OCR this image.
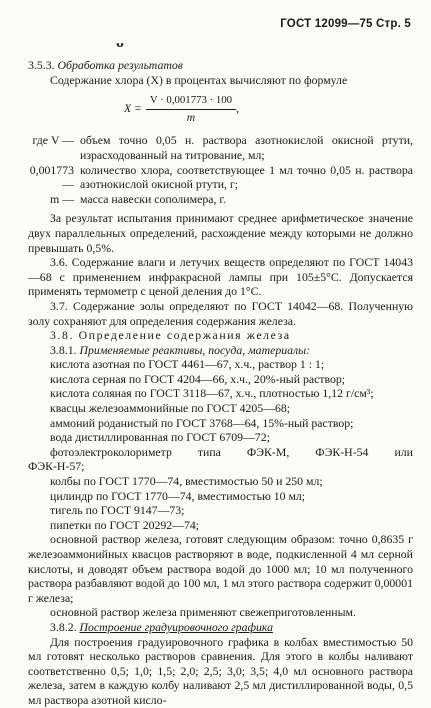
ГОСТ 12099—75 Стр. 5
ᴗ

3.5.3. Обработка результатов

Содержание хлора (X) в процентах вычисляют по формуле

$X = \frac{V \cdot 0,001773 \cdot 100}{m}$ ,
где V — объем точно 0,05 н. раствора азотнокислой окисной ртути, израсходованный на титрование, мл;
0,001773 —
количество хлора, соответствующее 1 мл точно 0,05 н. раствора азотнокислой окисной ртути, г;
m — масса навески сополимера, г.

За результат испытания принимают среднее арифметическое значение двух параллельных определений, расхождение между которыми не должно превышать 0,5%.

3.6. Содержание влаги и летучих веществ определяют по ГОСТ 14043—68 с применением инфракрасной лампы при 105±5°С. Допускается применять термометр с ценой деления до 1°С.

3.7. Содержание золы определяют по ГОСТ 14042—68. Полученную золу сохраняют для определения содержания железа.

3.8. Определение содержания железа

3.8.1. Применяемые реактивы, посуда, материалы:

кислота азотная по ГОСТ 4461—67, х.ч., раствор 1 : 1;

кислота серная по ГОСТ 4204—66, х.ч., 20%-ный раствор;

кислота соляная по ГОСТ 3118—67, х.ч., плотностью 1,12 г/см³;

квасцы железоаммонийные по ГОСТ 4205—68;

аммоний роданистый по ГОСТ 3768—64, 15%-ный раствор;

вода дистиллированная по ГОСТ 6709—72;

фотоэлектроколориметр типа ФЭК-М, ФЭК-Н-54 или

ФЭК-Н-57;

колбы по ГОСТ 1770—74, вместимостью 50 и 250 мл;

цилиндр по ГОСТ 1770—74, вместимостью 10 мл;

тигель по ГОСТ 9147—73;

пипетки по ГОСТ 20292—74;

основной раствор железа, готовят следующим образом: точно 0,8635 г железоаммонийных квасцов растворяют в воде, подкисленной 4 мл серной кислоты, и доводят объем раствора водой до 1000 мл; 10 мл полученного раствора разбавляют водой до 100 мл, 1 мл этого раствора содержит 0,00001 г железа;

основной раствор железа применяют свежеприготовленным.

3.8.2. Построение градуировочного графика

Для построения градуировочного графика в колбах вместимостью 50 мл готовят несколько растворов сравнения. Для этого в колбы наливают соответственно 0,5; 1,0; 1,5; 2,0; 2,5; 3,0; 3,5; 4,0 мл основного раствора железа, затем в каждую колбу наливают 2,5 мл дистиллированной воды, 0,5 мл раствора азотной кисло-
